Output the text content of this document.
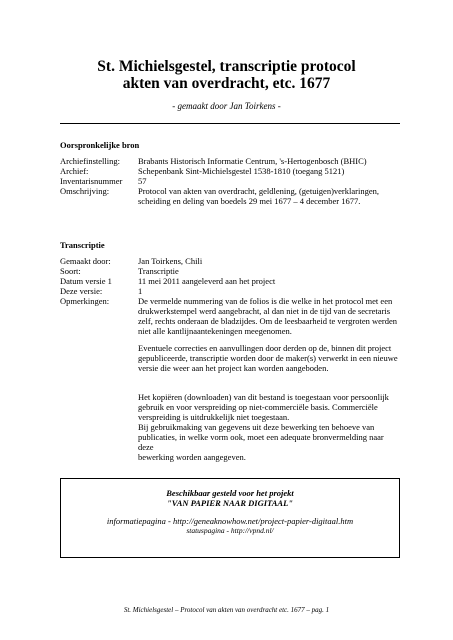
St. Michielsgestel, transcriptie protocol
akten van overdracht, etc. 1677
- gemaakt door Jan Toirkens -
Oorspronkelijke bron
Archiefinstelling:	Brabants Historisch Informatie Centrum, 's-Hertogenbosch (BHIC)
Archief:	Schepenbank Sint-Michielsgestel 1538-1810 (toegang 5121)
Inventarisnummer	57
Omschrijving:	Protocol van akten van overdracht, geldlening, (getuigen)verklaringen,
scheiding en deling van boedels 29 mei 1677 – 4 december 1677.
Transcriptie
Gemaakt door:	Jan Toirkens, Chili
Soort:	Transcriptie
Datum versie 1	11 mei 2011 aangeleverd aan het project
Deze versie:	1
Opmerkingen:	De vermelde nummering van de folios is die welke in het protocol met een
drukwerkstempel werd aangebracht, al dan niet in de tijd van de secretaris
zelf, rechts onderaan de bladzijdes. Om de leesbaarheid te vergroten werden
niet alle kantlijnaantekeningen meegenomen.
Eventuele correcties en aanvullingen door derden op de, binnen dit project
gepubliceerde, transcriptie worden door de maker(s) verwerkt in een nieuwe
versie die weer aan het project kan worden aangeboden.
Het kopiëren (downloaden) van dit bestand is toegestaan voor persoonlijk
gebruik en voor verspreiding op niet-commerciële basis. Commerciële
verspreiding is uitdrukkelijk niet toegestaan.
Bij gebruikmaking van gegevens uit deze bewerking ten behoeve van
publicaties, in welke vorm ook, moet een adequate bronvermelding naar deze
bewerking worden aangegeven.
Beschikbaar gesteld voor het projekt
"VAN PAPIER NAAR DIGITAAL"
informatiepagina - http://geneaknowhow.net/project-papier-digitaal.htm
statuspagina - http://vpnd.nl/
St. Michielsgestel – Protocol van akten van overdracht etc. 1677 – pag. 1
